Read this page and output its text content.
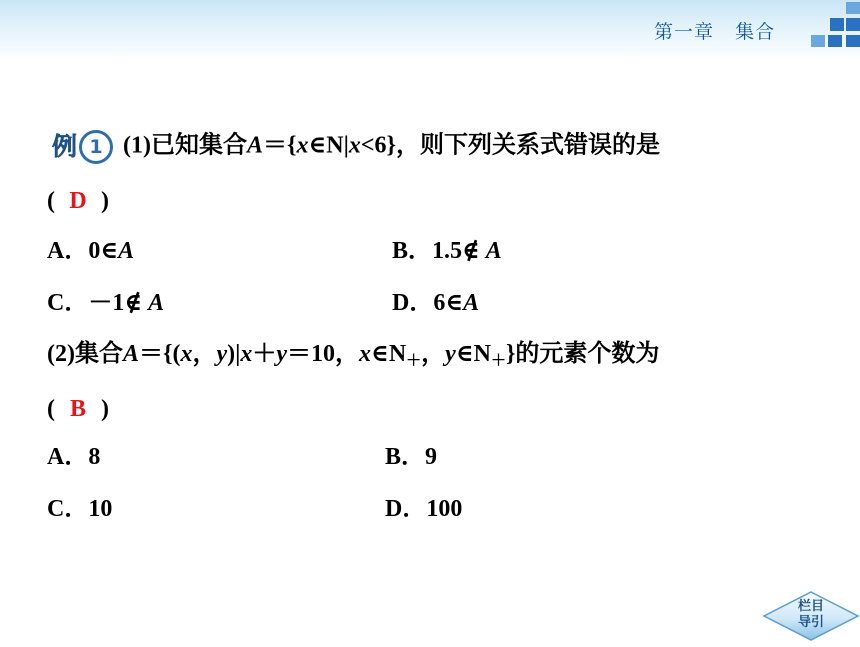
第一章 集合
例 1 (1)已知集合A＝{x∈N|x<6}，则下列关系式错误的是
( D )
A．0∈A	B．1.5∉ A
C．－1∉ A	D．6∈A
(2)集合A＝{(x，y)|x＋y＝10，$x\in N_+$，$y\in N_+$}的元素个数为
( B )
A．8	B．9
C．10	D．100
栏目
导引
